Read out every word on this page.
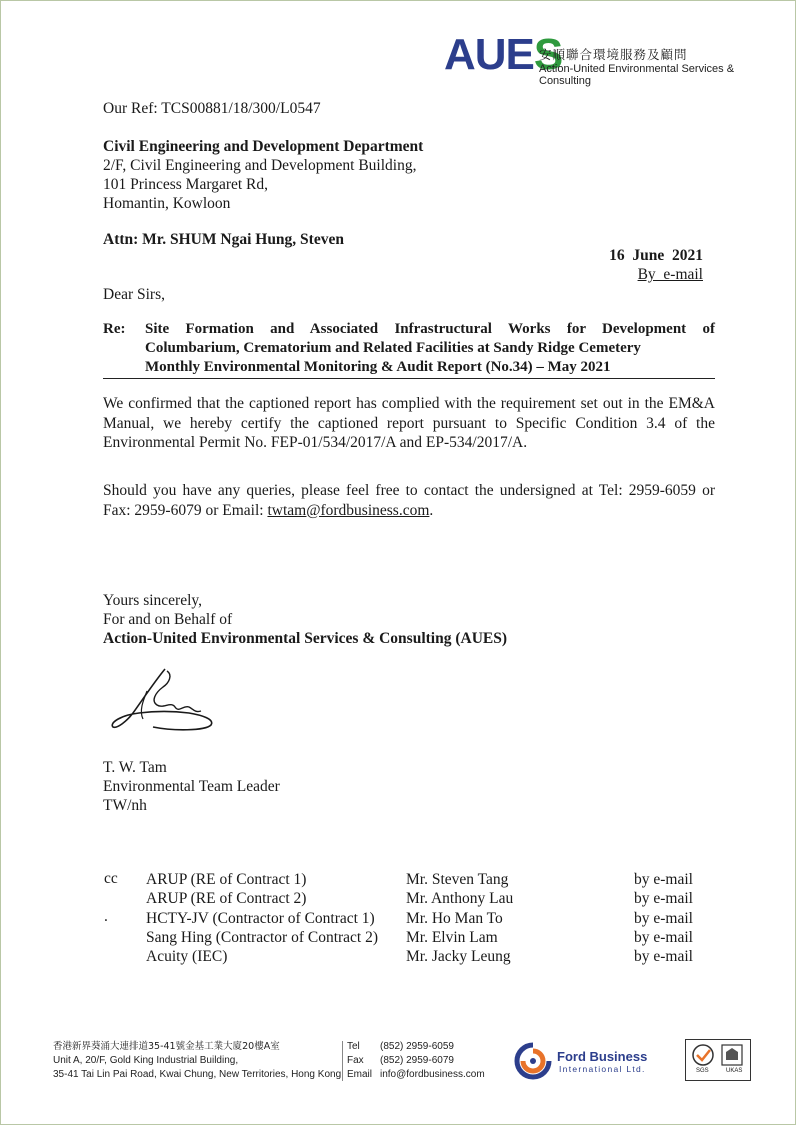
AUES
安順聯合環境服務及顧問
Action-United Environmental Services & Consulting
Our Ref: TCS00881/18/300/L0547
Civil Engineering and Development Department
2/F, Civil Engineering and Development Building,
101 Princess Margaret Rd,
Homantin, Kowloon
Attn: Mr. SHUM Ngai Hung, Steven
16  June  2021
By  e-mail
Dear Sirs,
Re: Site Formation and Associated Infrastructural Works for Development of
Columbarium, Crematorium and Related Facilities at Sandy Ridge Cemetery
Monthly Environmental Monitoring & Audit Report (No.34) – May 2021
We confirmed that the captioned report has complied with the requirement set out in the EM&A
Manual, we hereby certify the captioned report pursuant to Specific Condition 3.4 of the
Environmental Permit No. FEP-01/534/2017/A and EP-534/2017/A.
Should you have any queries, please feel free to contact the undersigned at Tel: 2959-6059 or
Fax: 2959-6079 or Email: twtam@fordbusiness.com.
Yours sincerely,
For and on Behalf of
Action-United Environmental Services & Consulting (AUES)
T. W. Tam
Environmental Team Leader
TW/nh
cc
.
ARUP (RE of Contract 1)	Mr. Steven Tang	by e-mail
ARUP (RE of Contract 2)	Mr. Anthony Lau	by e-mail
HCTY-JV (Contractor of Contract 1) Mr. Ho Man To	by e-mail
Sang Hing (Contractor of Contract 2) Mr. Elvin Lam	by e-mail
Acuity (IEC)	Mr. Jacky Leung	by e-mail
香港新界葵涌大連排道35-41號金基工業大廈20樓A室
Unit A, 20/F, Gold King Industrial Building,
35-41 Tai Lin Pai Road, Kwai Chung, New Territories, Hong Kong
Tel (852) 2959-6059
Fax (852) 2959-6079
Email info@fordbusiness.com
Ford Business
International Ltd.	SGS	UKAS
